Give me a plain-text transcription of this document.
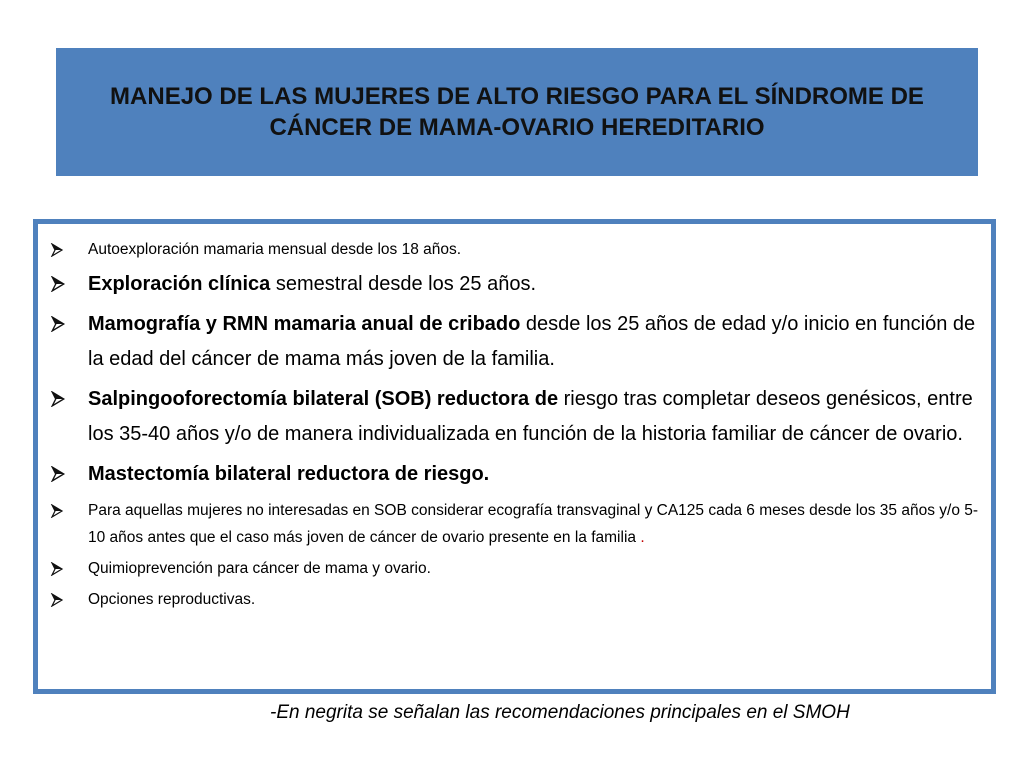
MANEJO DE LAS MUJERES DE ALTO RIESGO PARA EL SÍNDROME DE
CÁNCER DE MAMA-OVARIO HEREDITARIO
Autoexploración mamaria mensual desde los 18 años.
Exploración clínica semestral desde los 25 años.
Mamografía y RMN mamaria anual de cribado desde los 25 años de edad y/o inicio en función de la edad del cáncer de mama más joven de la familia.
Salpingooforectomía bilateral (SOB) reductora de riesgo tras completar deseos genésicos, entre los 35-40 años y/o de manera individualizada en función de la historia familiar de cáncer de ovario.
Mastectomía bilateral reductora de riesgo.
Para aquellas mujeres no interesadas en SOB considerar ecografía transvaginal y CA125 cada 6 meses desde los 35 años y/o 5-10 años antes que el caso más joven de cáncer de ovario presente en la familia .
Quimioprevención para cáncer de mama y ovario.
Opciones reproductivas.
-En negrita se señalan las recomendaciones principales en el SMOH
